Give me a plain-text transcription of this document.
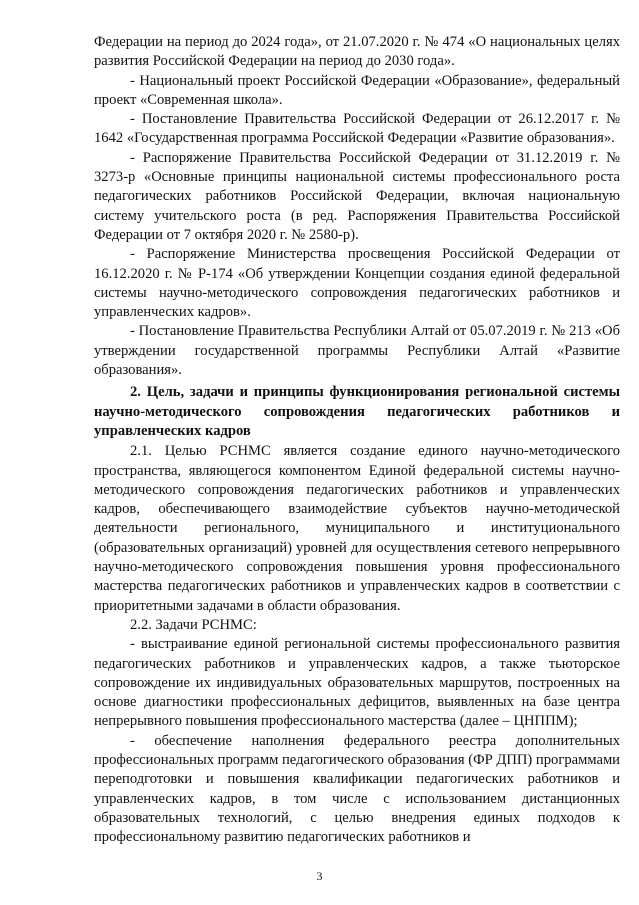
Федерации на период до 2024 года», от 21.07.2020 г. № 474 «О национальных целях развития Российской Федерации на период до 2030 года».

- Национальный проект Российской Федерации «Образование», федеральный проект «Современная школа».

- Постановление Правительства Российской Федерации от 26.12.2017 г. № 1642 «Государственная программа Российской Федерации «Развитие образования».

- Распоряжение Правительства Российской Федерации от 31.12.2019 г. № 3273-р «Основные принципы национальной системы профессионального роста педагогических работников Российской Федерации, включая национальную систему учительского роста (в ред. Распоряжения Правительства Российской Федерации от 7 октября 2020 г. № 2580-р).

- Распоряжение Министерства просвещения Российской Федерации от 16.12.2020 г. № Р-174 «Об утверждении Концепции создания единой федеральной системы научно-методического сопровождения педагогических работников и управленческих кадров».

- Постановление Правительства Республики Алтай от 05.07.2019 г. № 213 «Об утверждении государственной программы Республики Алтай «Развитие образования».

2. Цель, задачи и принципы функционирования региональной системы научно-методического сопровождения педагогических работников и управленческих кадров

2.1. Целью РСНМС является создание единого научно-методического пространства, являющегося компонентом Единой федеральной системы научно-методического сопровождения педагогических работников и управленческих кадров, обеспечивающего взаимодействие субъектов научно-методической деятельности регионального, муниципального и институционального (образовательных организаций) уровней для осуществления сетевого непрерывного научно-методического сопровождения повышения уровня профессионального мастерства педагогических работников и управленческих кадров в соответствии с приоритетными задачами в области образования.

2.2. Задачи РСНМС:

- выстраивание единой региональной системы профессионального развития педагогических работников и управленческих кадров, а также тьюторское сопровождение их индивидуальных образовательных маршрутов, построенных на основе диагностики профессиональных дефицитов, выявленных на базе центра непрерывного повышения профессионального мастерства (далее – ЦНППМ);

- обеспечение наполнения федерального реестра дополнительных профессиональных программ педагогического образования (ФР ДПП) программами переподготовки и повышения квалификации педагогических работников и управленческих кадров, в том числе с использованием дистанционных образовательных технологий, с целью внедрения единых подходов к профессиональному развитию педагогических работников и

3
